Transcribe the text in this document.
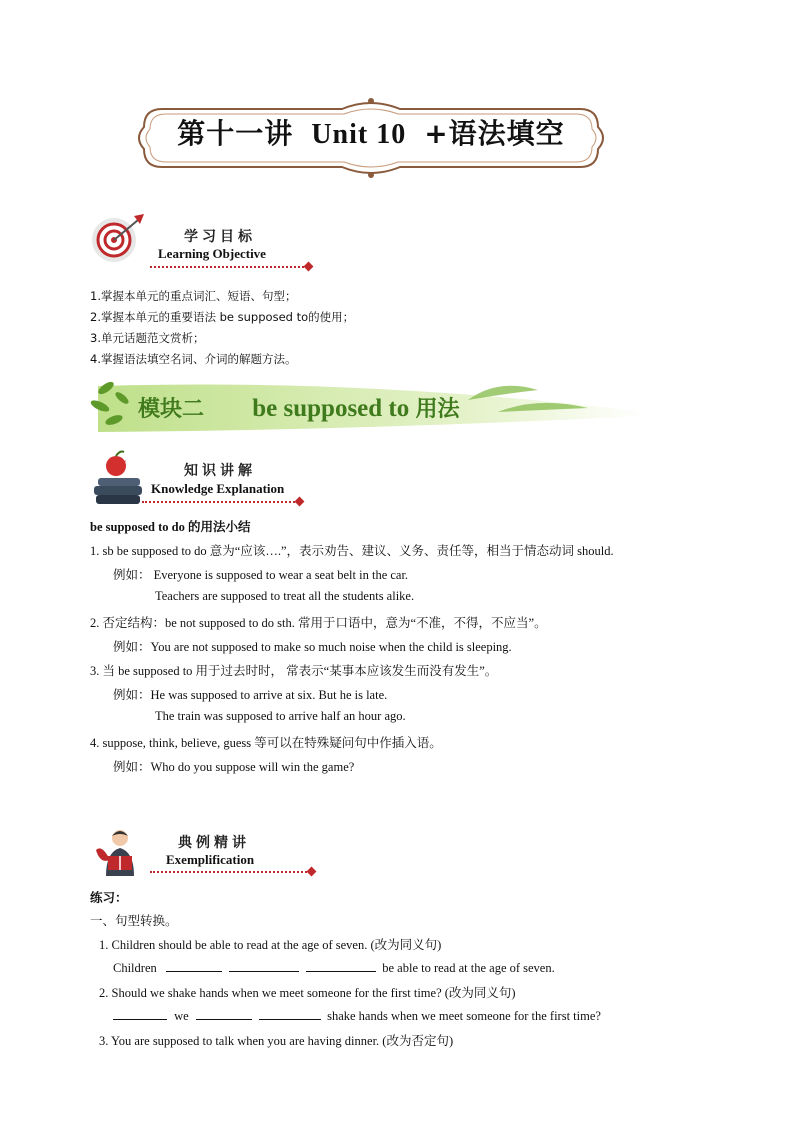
第十一讲 Unit 10 +语法填空
学习目标
Learning Objective
1.掌握本单元的重点词汇、短语、句型；
2.掌握本单元的重要语法 be supposed to的使用；
3.单元话题范文赏析；
4.掌握语法填空名词、介词的解题方法。
模块二 be supposed to 用法
知识讲解
Knowledge Explanation
be supposed to do 的用法小结
1. sb be supposed to do 意为“应该….”，表示劝告、建议、义务、责任等，相当于情态动词 should.
例如： Everyone is supposed to wear a seat belt in the car.
Teachers are supposed to treat all the students alike.
2. 否定结构：be not supposed to do sth. 常用于口语中，意为“不准，不得，不应当”。
例如：You are not supposed to make so much noise when the child is sleeping.
3. 当 be supposed to 用于过去时时， 常表示“某事本应该发生而没有发生”。
例如：He was supposed to arrive at six. But he is late.
The train was supposed to arrive half an hour ago.
4. suppose, think, believe, guess 等可以在特殊疑问句中作插入语。
例如：Who do you suppose will win the game?
典例精讲
Exemplification
练习：
一、句型转换。
1. Children should be able to read at the age of seven. (改为同义句)
Children	be able to read at the age of seven.
2. Should we shake hands when we meet someone for the first time? (改为同义句)
we	shake hands when we meet someone for the first time?
3. You are supposed to talk when you are having dinner. (改为否定句)
